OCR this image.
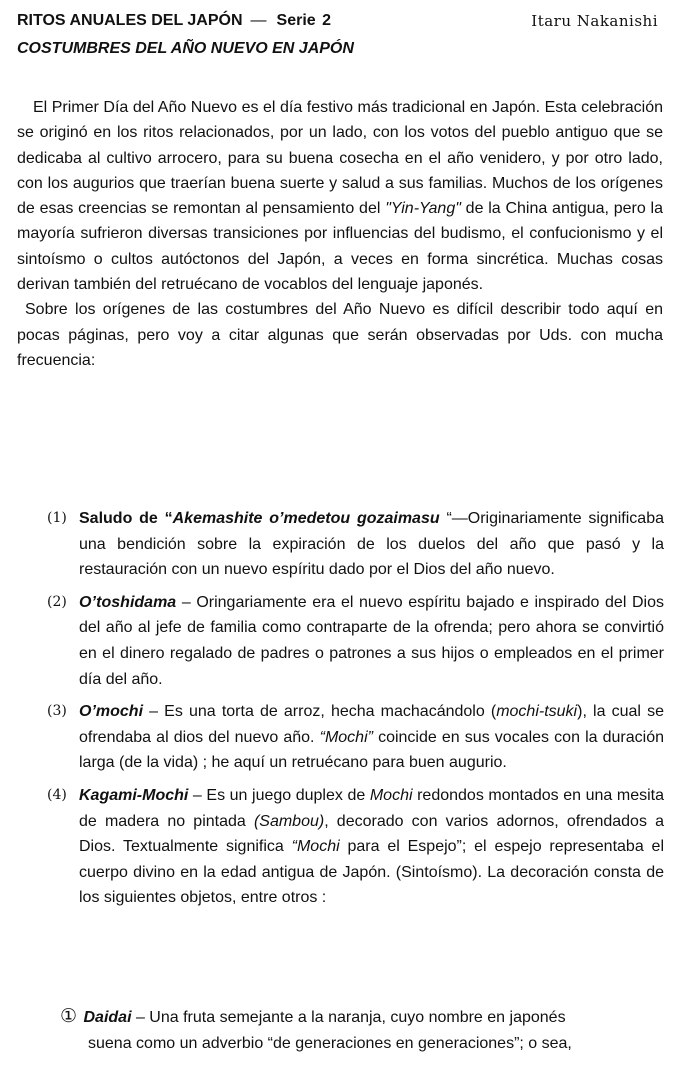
RITOS ANUALES DEL JAPÓN — Serie 2	Itaru Nakanishi
COSTUMBRES DEL AÑO NUEVO EN JAPÓN

El Primer Día del Año Nuevo es el día festivo más tradicional en Japón. Esta celebración se originó en los ritos relacionados, por un lado, con los votos del pueblo antiguo que se dedicaba al cultivo arrocero, para su buena cosecha en el año venidero, y por otro lado, con los augurios que traerían buena suerte y salud a sus familias. Muchos de los orígenes de esas creencias se remontan al pensamiento del "Yin-Yang" de la China antigua, pero la mayoría sufrieron diversas transiciones por influencias del budismo, el confucionismo y el sintoísmo o cultos autóctonos del Japón, a veces en forma sincrética. Muchas cosas derivan también del retruécano de vocablos del lenguaje japonés.

Sobre los orígenes de las costumbres del Año Nuevo es difícil describir todo aquí en pocas páginas, pero voy a citar algunas que serán observadas por Uds. con mucha frecuencia:

(1) Saludo de “Akemashite o’medetou gozaimasu “—Originariamente significaba una bendición sobre la expiración de los duelos del año que pasó y la restauración con un nuevo espíritu dado por el Dios del año nuevo.
(2) O’toshidama – Oringariamente era el nuevo espíritu bajado e inspirado del Dios del año al jefe de familia como contraparte de la ofrenda; pero ahora se convirtió en el dinero regalado de padres o patrones a sus hijos o empleados en el primer día del año.
(3) O’mochi – Es una torta de arroz, hecha machacándolo (mochi-tsuki), la cual se ofrendaba al dios del nuevo año. “Mochi” coincide en sus vocales con la duración larga (de la vida) ; he aquí un retruécano para buen augurio.
(4) Kagami-Mochi – Es un juego duplex de Mochi redondos montados en una mesita de madera no pintada (Sambou), decorado con varios adornos, ofrendados a Dios. Textualmente significa “Mochi para el Espejo”; el espejo representaba el cuerpo divino en la edad antigua de Japón. (Sintoísmo). La decoración consta de los siguientes objetos, entre otros :
① Daidai – Una fruta semejante a la naranja, cuyo nombre en japonés
suena como un adverbio “de generaciones en generaciones”; o sea,
